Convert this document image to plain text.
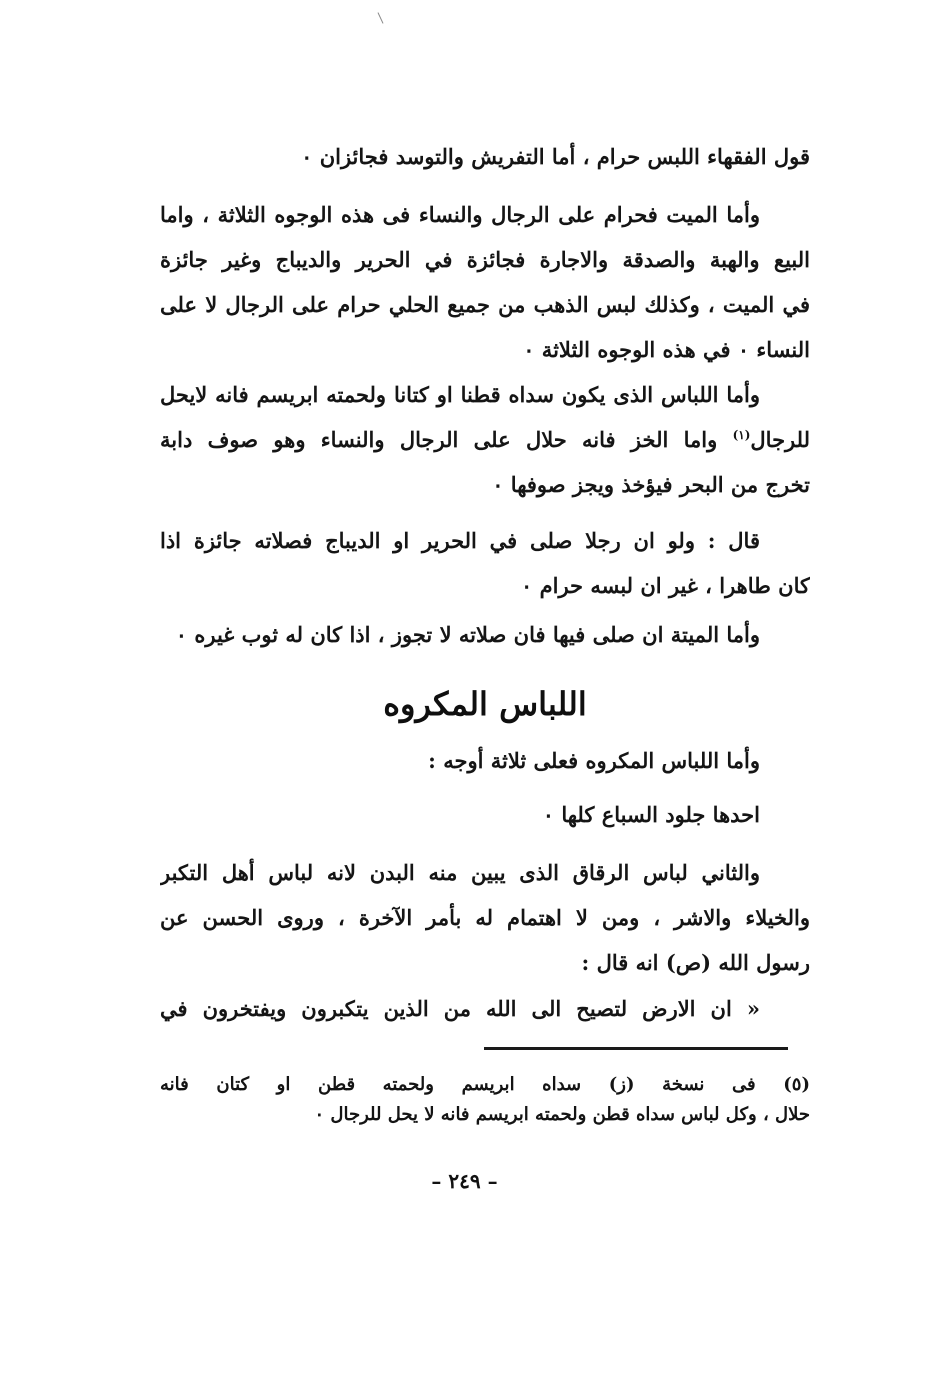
قول الفقهاء اللبس حرام ، أما التفريش والتوسد فجائزان ٠
وأما الميت فحرام على الرجال والنساء فى هذه الوجوه الثلاثة ، واما
البيع والهبة والصدقة والاجارة فجائزة في الحرير والديباج وغير جائزة
في الميت ، وكذلك لبس الذهب من جميع الحلي حرام على الرجال لا على
النساء ٠ في هذه الوجوه الثلاثة ٠
وأما اللباس الذى يكون سداه قطنا او كتانا ولحمته ابريسم فانه لايحل
للرجال$^{(١)}$ واما الخز فانه حلال على الرجال والنساء وهو صوف دابة
تخرج من البحر فيؤخذ ويجز صوفها ٠
قال : ولو ان رجلا صلى في الحرير او الديباج فصلاته جائزة اذا
كان طاهرا ، غير ان لبسه حرام ٠
وأما الميتة ان صلى فيها فان صلاته لا تجوز ، اذا كان له ثوب غيره ٠
اللباس المكروه
وأما اللباس المكروه فعلى ثلاثة أوجه :
احدها جلود السباع كلها ٠
والثاني لباس الرقاق الذى يبين منه البدن لانه لباس أهل التكبر
والخيلاء والاشر ، ومن لا اهتمام له بأمر الآخرة ، وروى الحسن عن
رسول الله (ص) انه قال :
« ان الارض لتصيح الى الله من الذين يتكبرون ويفتخرون في
(٥) فى نسخة (ز) سداه ابريسم ولحمته قطن او كتان فانه
حلال ، وكل لباس سداه قطن ولحمته ابريسم فانه لا يحل للرجال ٠
– ٢٤٩ –
